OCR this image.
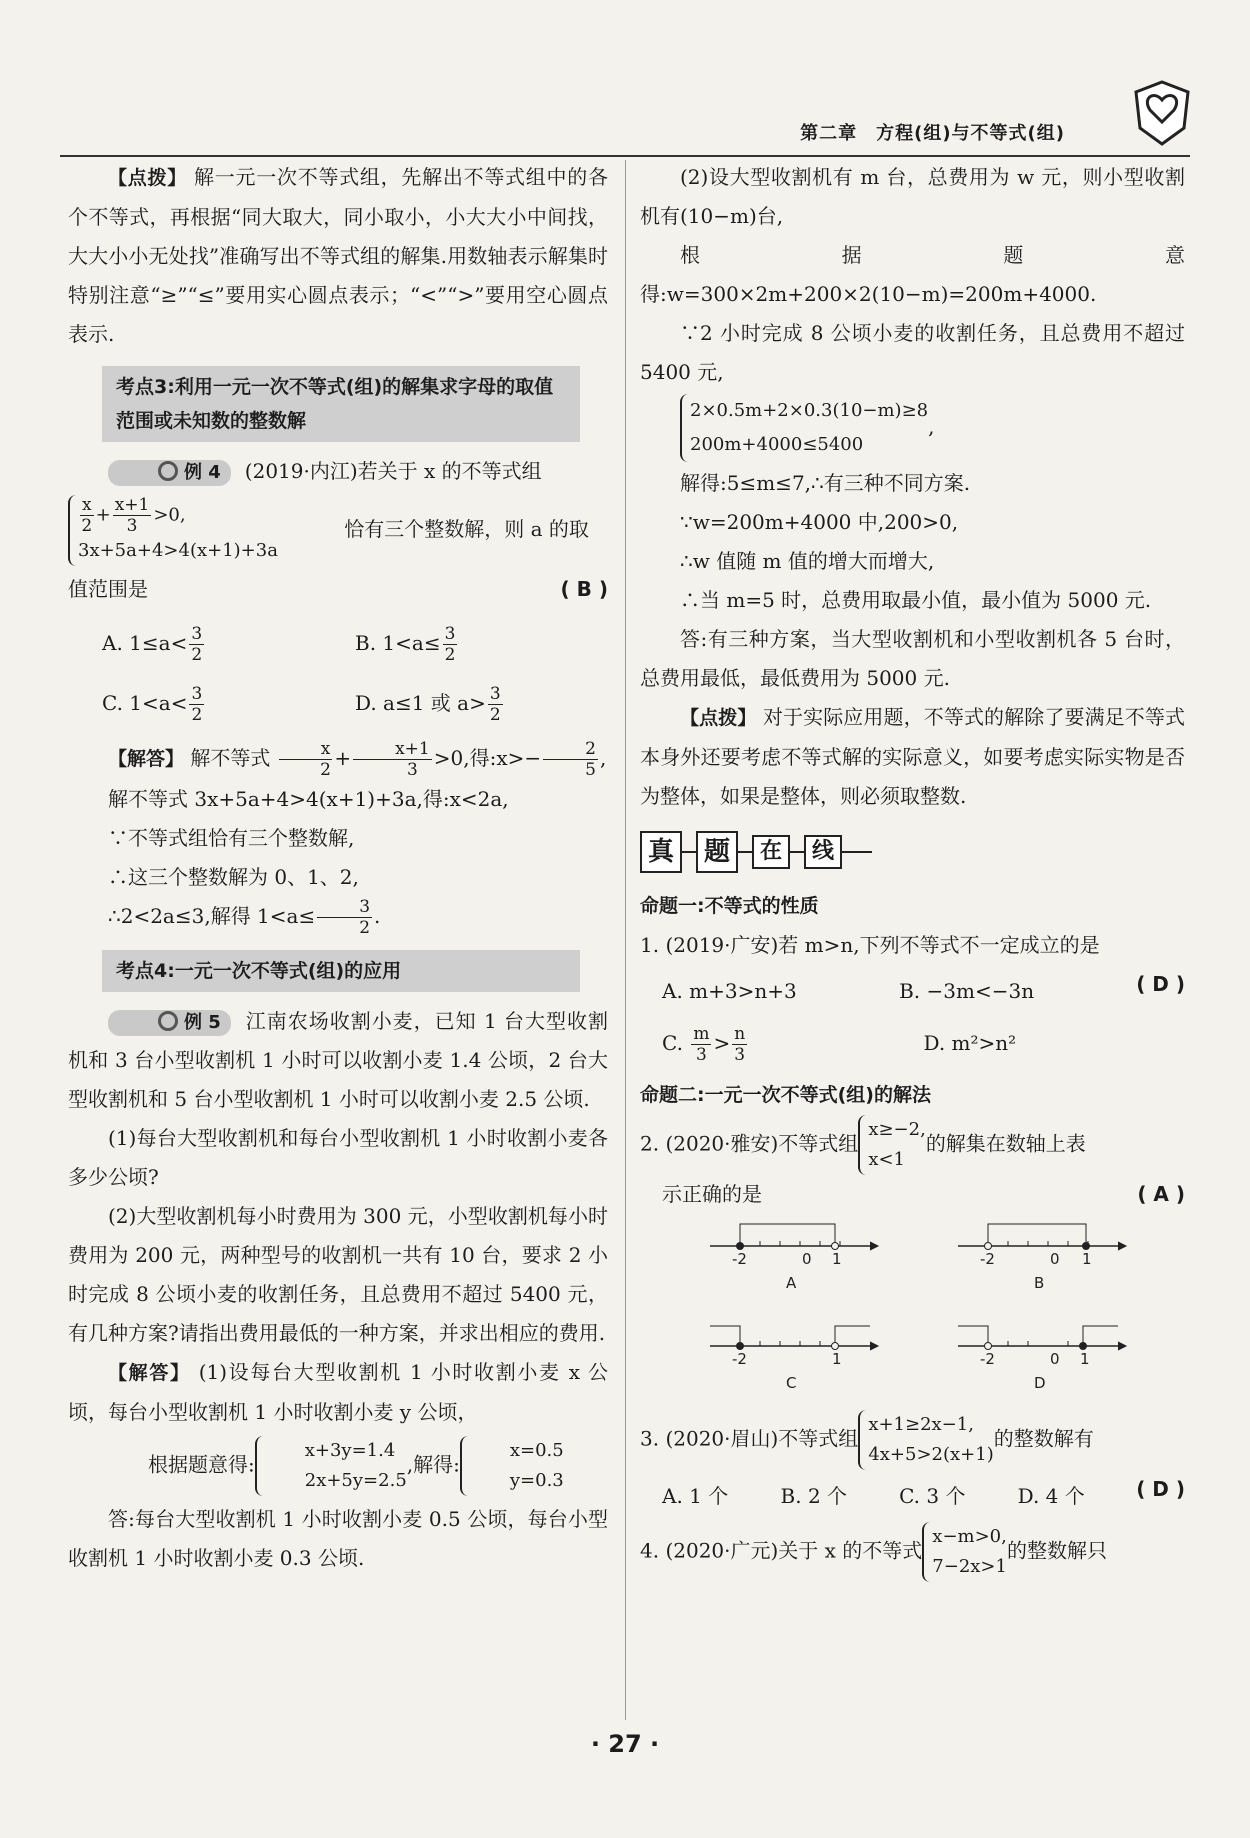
第二章　方程(组)与不等式(组)

【点拨】 解一元一次不等式组，先解出不等式组中的各个不等式，再根据“同大取大，同小取小，小大大小中间找，大大小小无处找”准确写出不等式组的解集.用数轴表示解集时特别注意“≥”“≤”要用实心圆点表示；“<”“>”要用空心圆点表示.

考点3:利用一元一次不等式(组)的解集求字母的取值范围或未知数的整数解

例 4 (2019·内江)若关于 x 的不等式组

$\frac{x}{2} + \frac{x+1}{3} >0$,
3x+5a+4>4(x+1)+3a
恰有三个整数解，则 a 的取

值范围是	( B )

A. $1\le a< \frac{3}{2}$	B. $1<a\le \frac{3}{2}$
C. $1<a< \frac{3}{2}$	D. a≤1 或 $a> \frac{3}{2}$

【解答】 解不等式 $\frac{x}{2} + \frac{x+1}{3} >0$,得:x>− $\frac{2}{5}$ ,

解不等式 3x+5a+4>4(x+1)+3a,得:x<2a,

∵不等式组恰有三个整数解,

∴这三个整数解为 0、1、2,

∴2<2a≤3,解得 $1<a\le \frac{3}{2}$ .

考点4:一元一次不等式(组)的应用

例 5 江南农场收割小麦，已知 1 台大型收割机和 3 台小型收割机 1 小时可以收割小麦 1.4 公顷，2 台大型收割机和 5 台小型收割机 1 小时可以收割小麦 2.5 公顷.

(1)每台大型收割机和每台小型收割机 1 小时收割小麦各多少公顷?

(2)大型收割机每小时费用为 300 元，小型收割机每小时费用为 200 元，两种型号的收割机一共有 10 台，要求 2 小时完成 8 公顷小麦的收割任务，且总费用不超过 5400 元，有几种方案?请指出费用最低的一种方案，并求出相应的费用.

【解答】 (1)设每台大型收割机 1 小时收割小麦 x 公顷，每台小型收割机 1 小时收割小麦 y 公顷，

根据题意得:
x+3y=1.4
2x+5y=2.5
,解得:
x=0.5
y=0.3

答:每台大型收割机 1 小时收割小麦 0.5 公顷，每台小型收割机 1 小时收割小麦 0.3 公顷.

(2)设大型收割机有 m 台，总费用为 w 元，则小型收割机有(10−m)台,

根据题意得:w=300×2m+200×2(10−m)=200m+4000.

∵2 小时完成 8 公顷小麦的收割任务，且总费用不超过 5400 元,

2×0.5m+2×0.3(10−m)≥8
200m+4000≤5400
,

解得:5≤m≤7,∴有三种不同方案.

∵w=200m+4000 中,200>0,

∴w 值随 m 值的增大而增大,

∴当 m=5 时，总费用取最小值，最小值为 5000 元.

答:有三种方案，当大型收割机和小型收割机各 5 台时，总费用最低，最低费用为 5000 元.

【点拨】 对于实际应用题，不等式的解除了要满足不等式本身外还要考虑不等式解的实际意义，如要考虑实际实物是否为整体，如果是整体，则必须取整数.

真	题	在	线
命题一:不等式的性质

1. (2019·广安)若 m>n,下列不等式不一定成立的是

( D )

A. m+3>n+3	B. −3m<−3n
C. $\frac{m}{3} > \frac{n}{3}$	D. m²>n²
命题二:一元一次不等式(组)的解法
2. (2020·雅安)不等式组
x≥−2,
x<1
的解集在数轴上表

示正确的是	( A )

-2	0 1
A
-2	0 1
B
-2	1
C
-2	0 1
D
3. (2020·眉山)不等式组
x+1≥2x−1,
4x+5>2(x+1)
的整数解有

( D )

A. 1 个	B. 2 个	C. 3 个	D. 4 个
4. (2020·广元)关于 x 的不等式
x−m>0,
7−2x>1
的整数解只
· 27 ·
